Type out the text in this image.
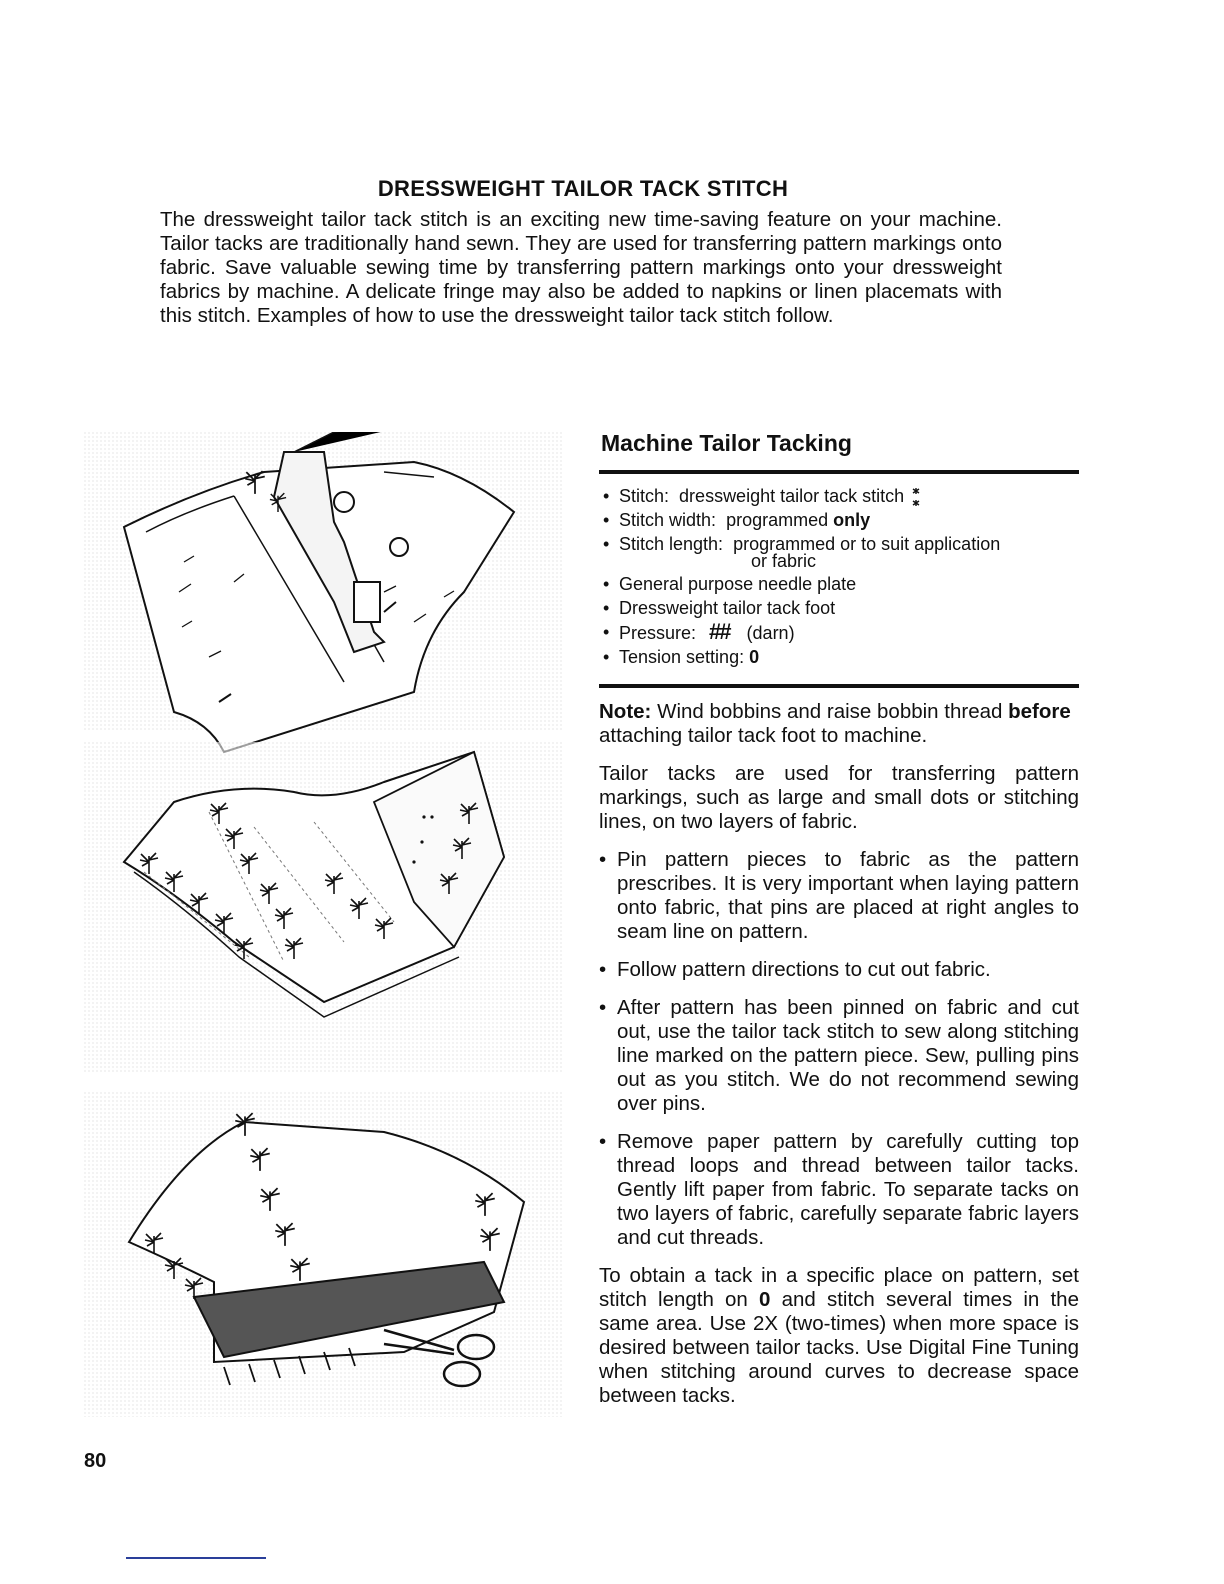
DRESSWEIGHT TAILOR TACK STITCH
The dressweight tailor tack stitch is an exciting new time-saving feature on your machine. Tailor tacks are traditionally hand sewn. They are used for transferring pattern markings onto fabric. Save valuable sewing time by transferring pattern markings onto your dressweight fabrics by machine. A delicate fringe may also be added to napkins or linen placemats with this stitch. Examples of how to use the dressweight tailor tack stitch follow.
Machine Tailor Tacking
• Stitch: dressweight tailor tack stitch
• Stitch width: programmed only
• Stitch length: programmed or to suit application
or fabric
• General purpose needle plate
• Dressweight tailor tack foot
• Pressure: ## (darn)
• Tension setting: 0

Note: Wind bobbins and raise bobbin thread before attaching tailor tack foot to machine.

Tailor tacks are used for transferring pattern markings, such as large and small dots or stitching lines, on two layers of fabric.

• Pin pattern pieces to fabric as the pattern prescribes. It is very important when laying pattern onto fabric, that pins are placed at right angles to seam line on pattern.
• Follow pattern directions to cut out fabric.
• After pattern has been pinned on fabric and cut out, use the tailor tack stitch to sew along stitching line marked on the pattern piece. Sew, pulling pins out as you stitch. We do not recommend sewing over pins.
• Remove paper pattern by carefully cutting top thread loops and thread between tailor tacks. Gently lift paper from fabric. To separate tacks on two layers of fabric, carefully separate fabric layers and cut threads.

To obtain a tack in a specific place on pattern, set stitch length on 0 and stitch several times in the same area. Use 2X (two-times) when more space is desired between tailor tacks. Use Digital Fine Tuning when stitching around curves to decrease space between tacks.

80
